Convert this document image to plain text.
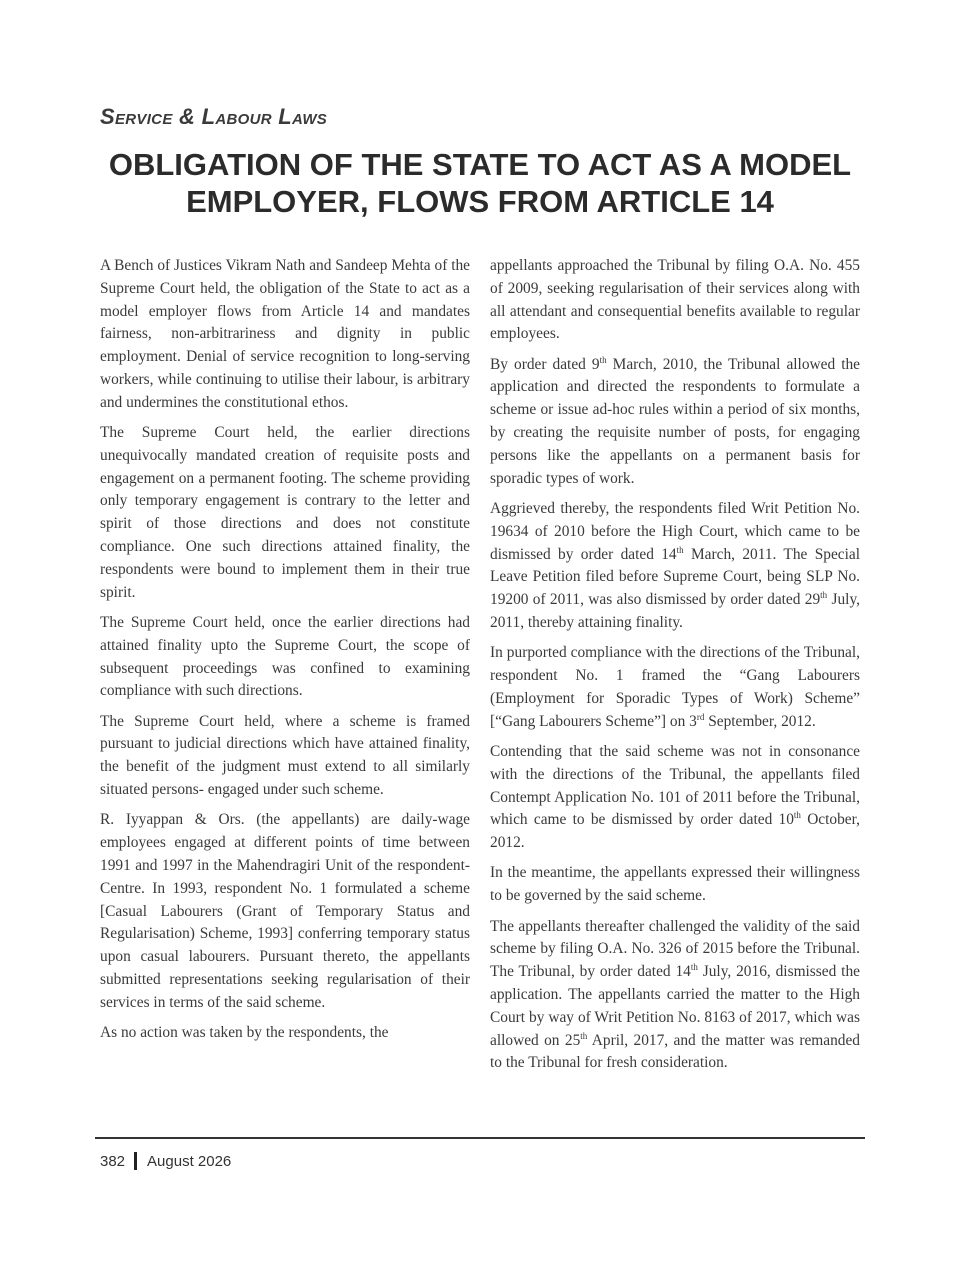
Service & Labour Laws
OBLIGATION OF THE STATE TO ACT AS A MODEL EMPLOYER, FLOWS FROM ARTICLE 14

A Bench of Justices Vikram Nath and Sandeep Mehta of the Supreme Court held, the obligation of the State to act as a model employer flows from Article 14 and mandates fairness, non-arbitrariness and dignity in public employment. Denial of service recognition to long-serving workers, while continuing to utilise their labour, is arbitrary and undermines the constitutional ethos.

The Supreme Court held, the earlier directions unequivocally mandated creation of requisite posts and engagement on a permanent footing. The scheme providing only temporary engagement is contrary to the letter and spirit of those directions and does not constitute compliance. One such directions attained finality, the respondents were bound to implement them in their true spirit.

The Supreme Court held, once the earlier directions had attained finality upto the Supreme Court, the scope of subsequent proceedings was confined to examining compliance with such directions.

The Supreme Court held, where a scheme is framed pursuant to judicial directions which have attained finality, the benefit of the judgment must extend to all similarly situated persons- engaged under such scheme.

R. Iyyappan & Ors. (the appellants) are daily-wage employees engaged at different points of time between 1991 and 1997 in the Mahendragiri Unit of the respondent-Centre. In 1993, respondent No. 1 formulated a scheme [Casual Labourers (Grant of Temporary Status and Regularisation) Scheme, 1993] conferring temporary status upon casual labourers. Pursuant thereto, the appellants submitted representations seeking regularisation of their services in terms of the said scheme.

As no action was taken by the respondents, the

appellants approached the Tribunal by filing O.A. No. 455 of 2009, seeking regularisation of their services along with all attendant and consequential benefits available to regular employees.

By order dated 9th March, 2010, the Tribunal allowed the application and directed the respondents to formulate a scheme or issue ad-hoc rules within a period of six months, by creating the requisite number of posts, for engaging persons like the appellants on a permanent basis for sporadic types of work.

Aggrieved thereby, the respondents filed Writ Petition No. 19634 of 2010 before the High Court, which came to be dismissed by order dated 14th March, 2011. The Special Leave Petition filed before Supreme Court, being SLP No. 19200 of 2011, was also dismissed by order dated 29th July, 2011, thereby attaining finality.

In purported compliance with the directions of the Tribunal, respondent No. 1 framed the “Gang Labourers (Employment for Sporadic Types of Work) Scheme” [“Gang Labourers Scheme”] on 3rd September, 2012.

Contending that the said scheme was not in consonance with the directions of the Tribunal, the appellants filed Contempt Application No. 101 of 2011 before the Tribunal, which came to be dismissed by order dated 10th October, 2012.

In the meantime, the appellants expressed their willingness to be governed by the said scheme.

The appellants thereafter challenged the validity of the said scheme by filing O.A. No. 326 of 2015 before the Tribunal. The Tribunal, by order dated 14th July, 2016, dismissed the application. The appellants carried the matter to the High Court by way of Writ Petition No. 8163 of 2017, which was allowed on 25th April, 2017, and the matter was remanded to the Tribunal for fresh consideration.

382 August 2026
